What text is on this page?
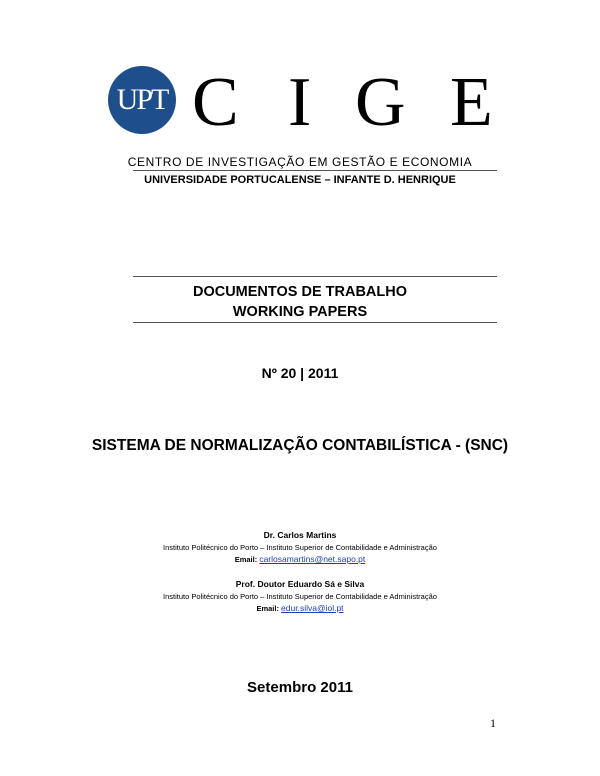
UPT C I G E
CENTRO DE INVESTIGAÇÃO EM GESTÃO E ECONOMIA
UNIVERSIDADE PORTUCALENSE – INFANTE D. HENRIQUE
DOCUMENTOS DE TRABALHO
WORKING PAPERS
Nº 20 | 2011
SISTEMA DE NORMALIZAÇÃO CONTABILÍSTICA - (SNC)
Dr. Carlos Martins
Instituto Politécnico do Porto – Instituto Superior de Contabilidade e Administração
Email: carlosamartins@net.sapo.pt
Prof. Doutor Eduardo Sá e Silva
Instituto Politécnico do Porto – Instituto Superior de Contabilidade e Administração
Email: edur.silva@iol.pt
Setembro 2011
1
